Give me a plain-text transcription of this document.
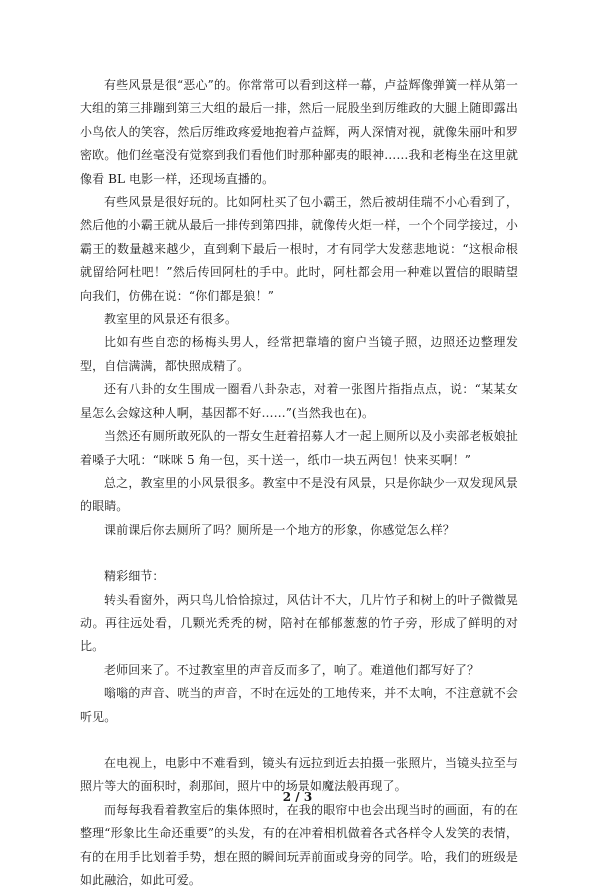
有些风景是很“恶心”的。你常常可以看到这样一幕，卢益辉像弹簧一样从第一大组的第三排蹦到第三大组的最后一排，然后一屁股坐到厉维政的大腿上随即露出小鸟依人的笑容，然后厉维政疼爱地抱着卢益辉，两人深情对视，就像朱丽叶和罗密欧。他们丝毫没有觉察到我们看他们时那种鄙夷的眼神……我和老梅坐在这里就像看 BL 电影一样，还现场直播的。

有些风景是很好玩的。比如阿杜买了包小霸王，然后被胡佳瑞不小心看到了，然后他的小霸王就从最后一排传到第四排，就像传火炬一样，一个个同学接过，小霸王的数量越来越少，直到剩下最后一根时，才有同学大发慈悲地说：“这根命根就留给阿杜吧！”然后传回阿杜的手中。此时，阿杜都会用一种难以置信的眼睛望向我们，仿佛在说：“你们都是狼！”

教室里的风景还有很多。

比如有些自恋的杨梅头男人，经常把靠墙的窗户当镜子照，边照还边整理发型，自信满满，都快照成精了。

还有八卦的女生围成一圈看八卦杂志，对着一张图片指指点点，说：“某某女星怎么会嫁这种人啊，基因都不好……”(当然我也在)。

当然还有厕所敢死队的一帮女生赶着招募人才一起上厕所以及小卖部老板娘扯着嗓子大吼：“咪咪 5 角一包，买十送一，纸巾一块五两包！快来买啊！”

总之，教室里的小风景很多。教室中不是没有风景，只是你缺少一双发现风景的眼睛。

课前课后你去厕所了吗？厕所是一个地方的形象，你感觉怎么样？

精彩细节：

转头看窗外，两只鸟儿恰恰掠过，风估计不大，几片竹子和树上的叶子微微晃动。再往远处看，几颗光秃秃的树，陪衬在郁郁葱葱的竹子旁，形成了鲜明的对比。

老师回来了。不过教室里的声音反而多了，响了。难道他们都写好了？

嗡嗡的声音、咣当的声音，不时在远处的工地传来，并不太响，不注意就不会听见。

在电视上，电影中不难看到，镜头有远拉到近去拍摄一张照片，当镜头拉至与照片等大的面积时，刹那间，照片中的场景如魔法般再现了。

而每每我看着教室后的集体照时，在我的眼帘中也会出现当时的画面，有的在整理“形象比生命还重要”的头发，有的在冲着相机做着各式各样令人发笑的表情，有的在用手比划着手势，想在照的瞬间玩弄前面或身旁的同学。哈，我们的班级是如此融洽，如此可爱。

2 / 3
